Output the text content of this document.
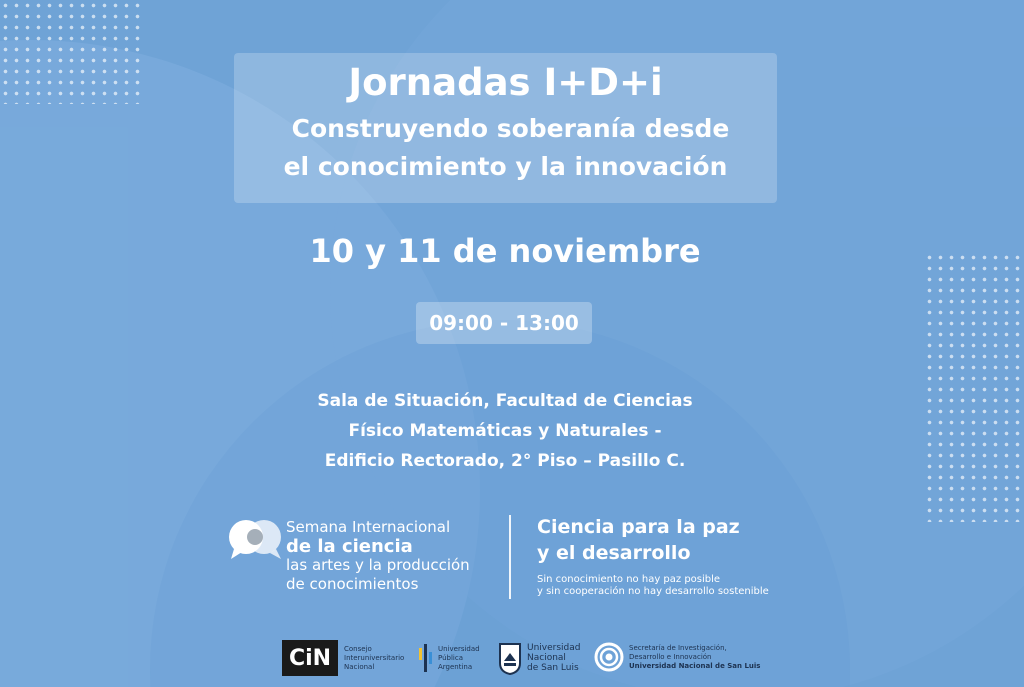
Jornadas I+D+i
Construyendo soberanía desde
el conocimiento y la innovación
10 y 11 de noviembre
09:00 - 13:00
Sala de Situación, Facultad de Ciencias
Físico Matemáticas y Naturales -
Edificio Rectorado, 2° Piso – Pasillo C.
Semana Internacional
de la ciencia
las artes y la producción
de conocimientos
Ciencia para la paz
y el desarrollo
Sin conocimiento no hay paz posible
y sin cooperación no hay desarrollo sostenible
CiN	Consejo
Interuniversitario
Nacional
Universidad
Pública
Argentina
Universidad
Nacional
de San Luis
Secretaría de Investigación,
Desarrollo e Innovación
Universidad Nacional de San Luis
